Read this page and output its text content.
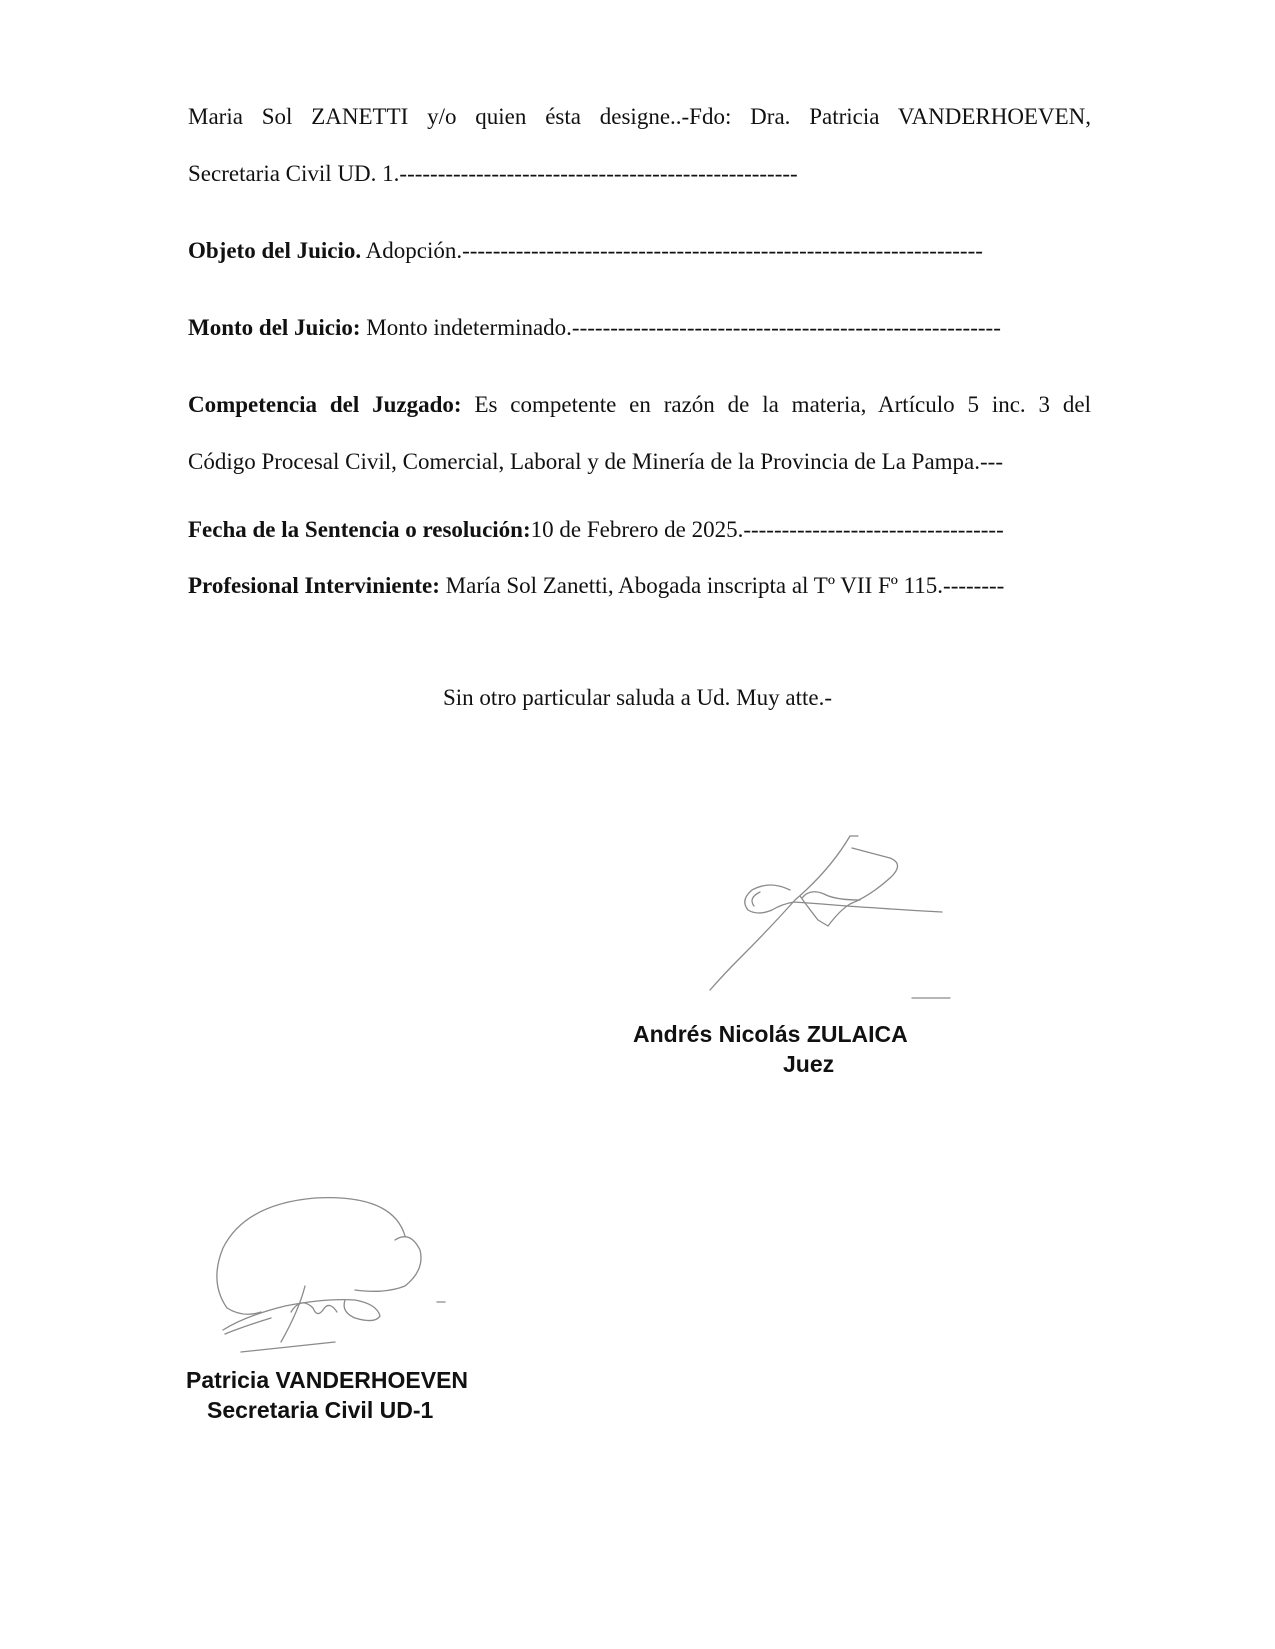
Maria Sol ZANETTI y/o quien ésta designe..-Fdo: Dra. Patricia VANDERHOEVEN,
Secretaria Civil UD. 1.----------------------------------------------------
Objeto del Juicio. Adopción.--------------------------------------------------------------------
Monto del Juicio: Monto indeterminado.--------------------------------------------------------
Competencia del Juzgado: Es competente en razón de la materia, Artículo 5 inc. 3 del
Código Procesal Civil, Comercial, Laboral y de Minería de la Provincia de La Pampa.---
Fecha de la Sentencia o resolución:10 de Febrero de 2025.----------------------------------
Profesional Interviniente: María Sol Zanetti, Abogada inscripta al Tº VII Fº 115.--------
Sin otro particular saluda a Ud. Muy atte.-
Andrés Nicolás ZULAICA
Juez
Patricia VANDERHOEVEN
Secretaria Civil UD-1
